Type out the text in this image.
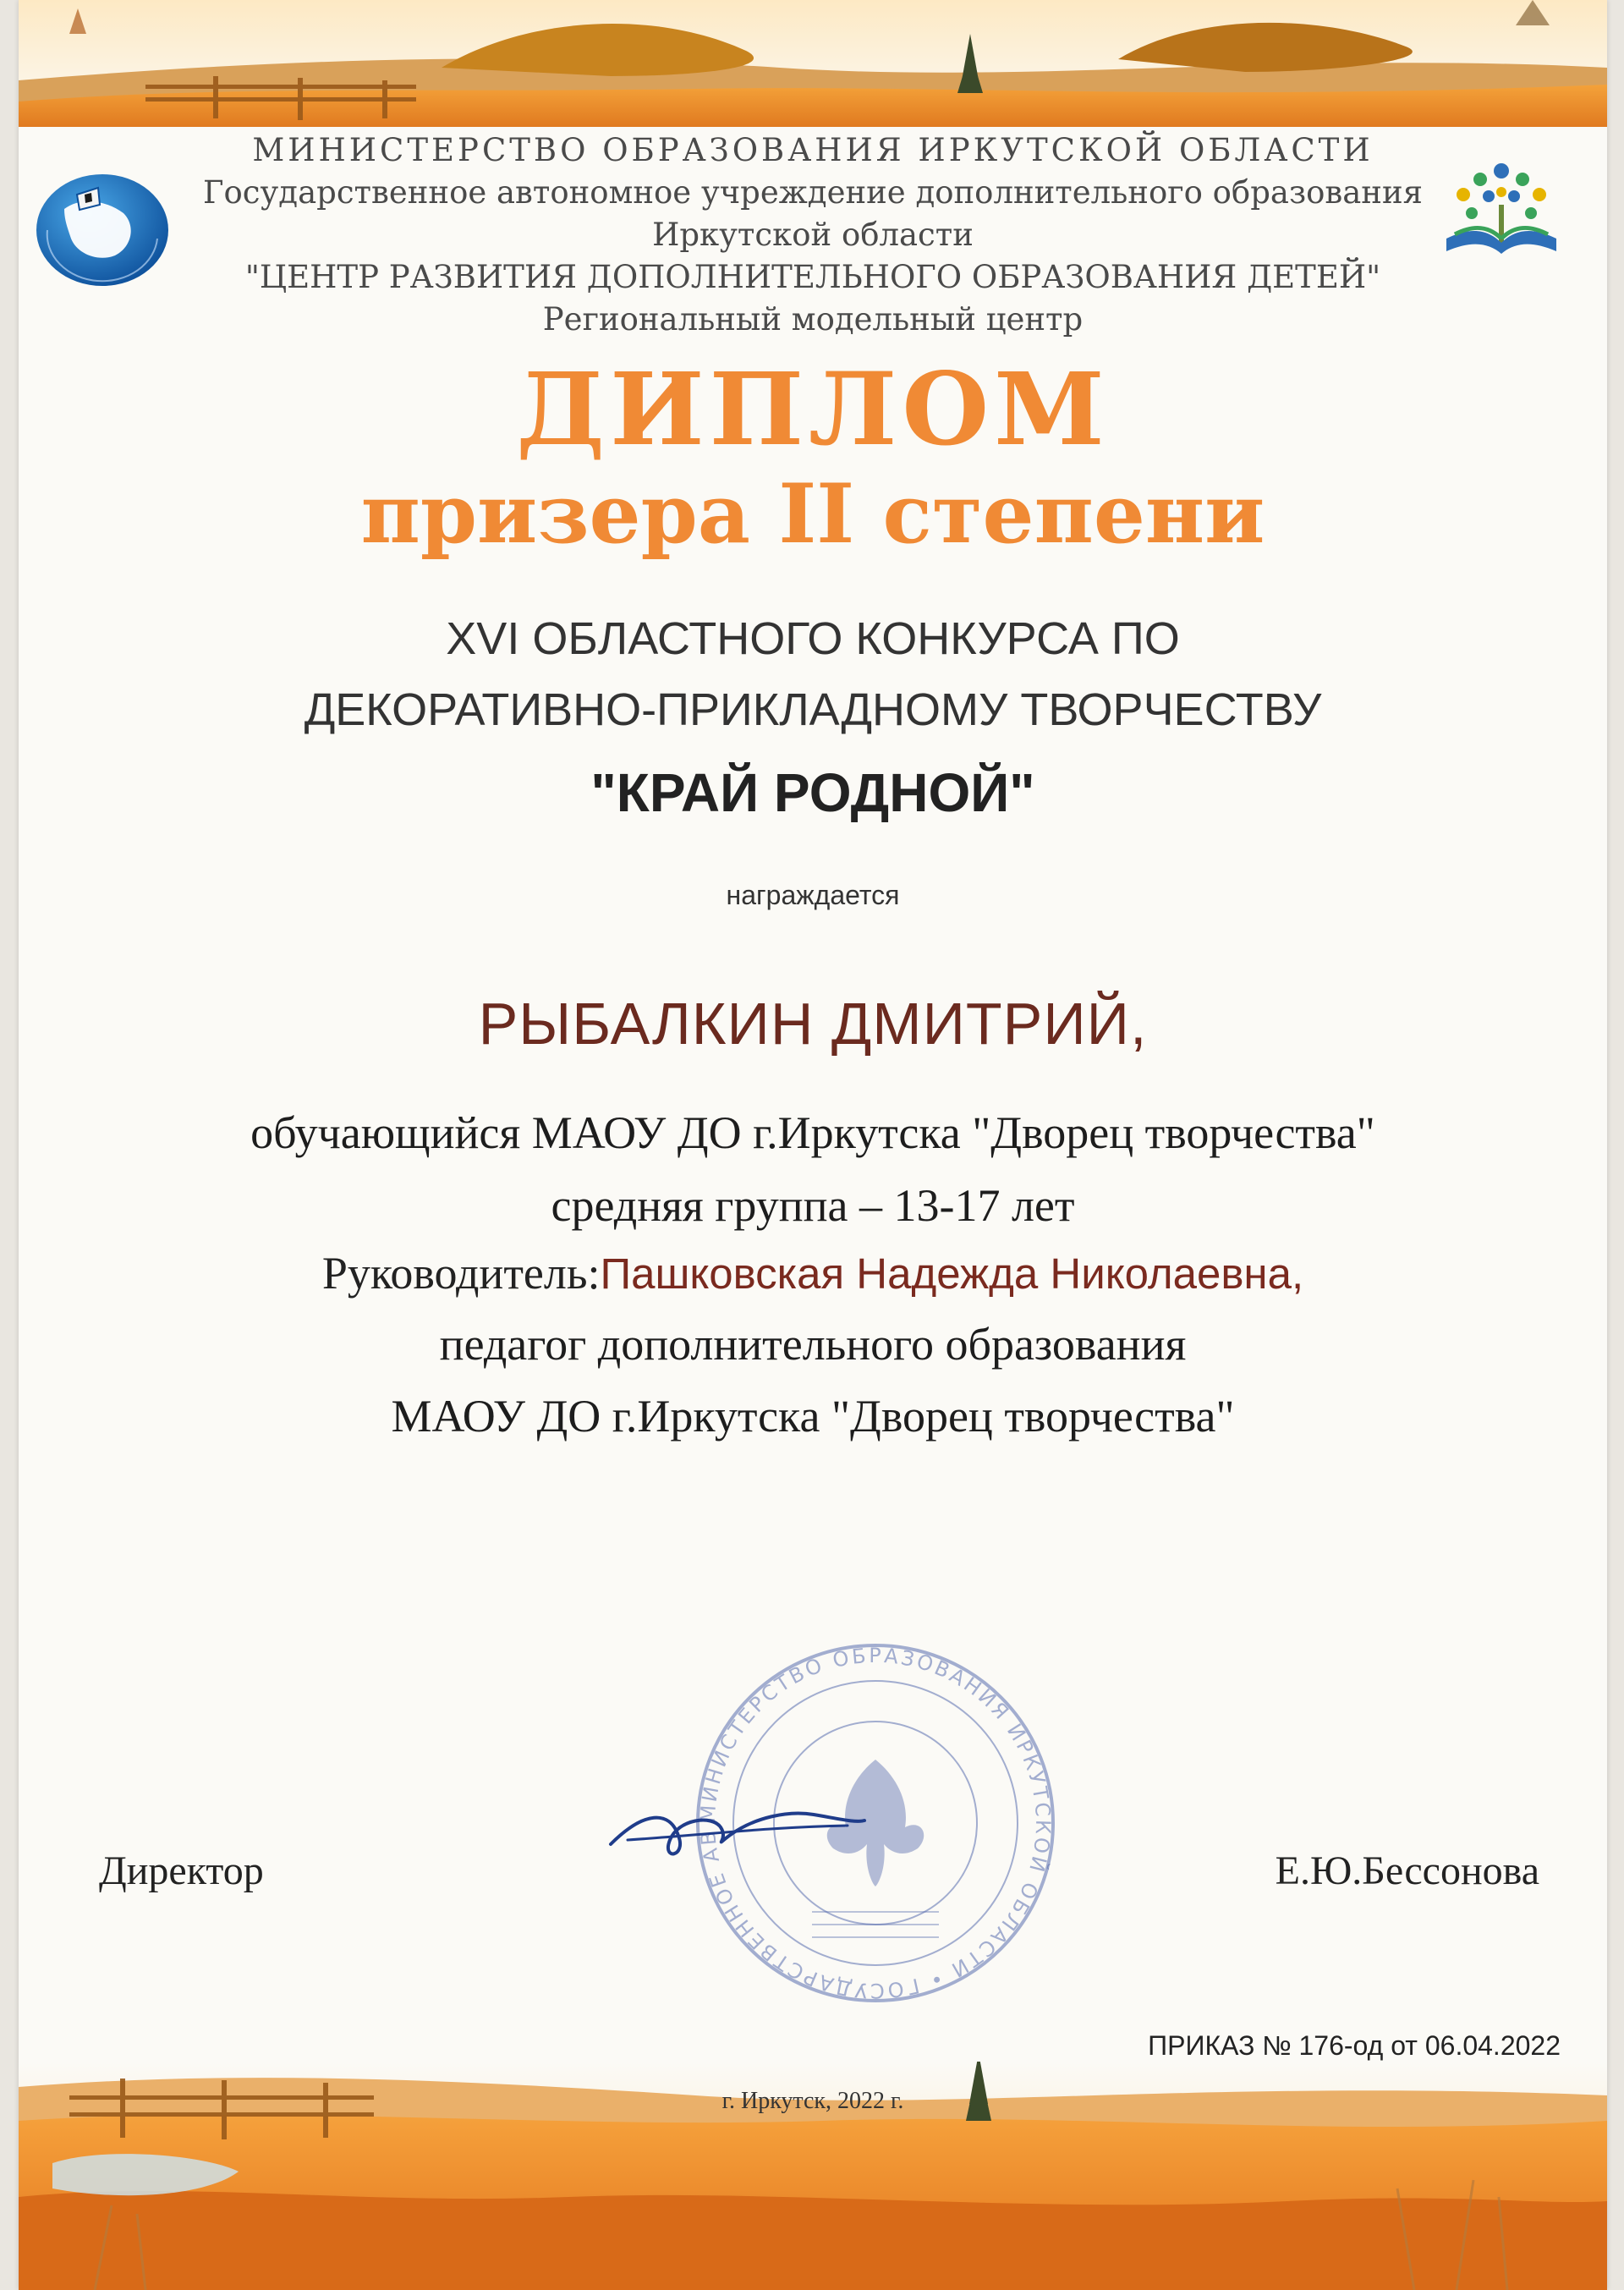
МИНИСТЕРСТВО ОБРАЗОВАНИЯ ИРКУТСКОЙ ОБЛАСТИ
Государственное автономное учреждение дополнительного образования
Иркутской области
"ЦЕНТР РАЗВИТИЯ ДОПОЛНИТЕЛЬНОГО ОБРАЗОВАНИЯ ДЕТЕЙ"
Региональный модельный центр
ДИПЛОМ
призера II степени
XVI ОБЛАСТНОГО КОНКУРСА ПО
ДЕКОРАТИВНО-ПРИКЛАДНОМУ ТВОРЧЕСТВУ
"КРАЙ РОДНОЙ"
награждается
РЫБАЛКИН ДМИТРИЙ,
обучающийся МАОУ ДО г.Иркутска "Дворец творчества"
средняя группа – 13-17 лет
Руководитель:Пашковская Надежда Николаевна,
педагог дополнительного образования
МАОУ ДО г.Иркутска "Дворец творчества"
МИНИСТЕРСТВО ОБРАЗОВАНИЯ ИРКУТСКОЙ ОБЛАСТИ • ГОСУДАРСТВЕННОЕ АВ
Директор	Е.Ю.Бессонова
ПРИКАЗ № 176-од от 06.04.2022
г. Иркутск, 2022 г.
